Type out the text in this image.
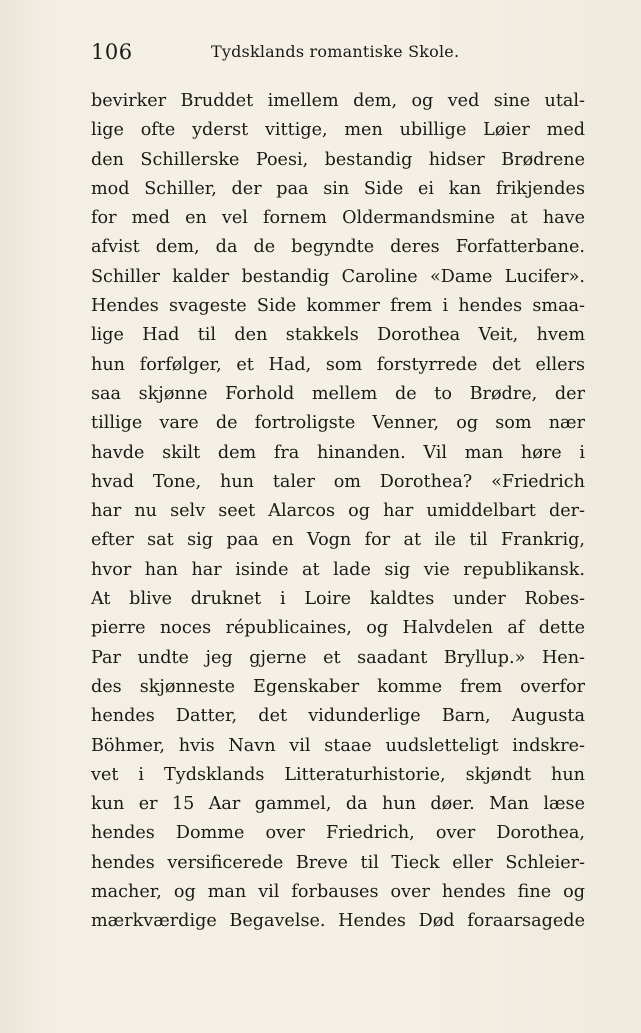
106	Tydsklands romantiske Skole.
bevirker Bruddet imellem dem, og ved sine utal-
lige ofte yderst vittige, men ubillige Løier med
den Schillerske Poesi, bestandig hidser Brødrene
mod Schiller, der paa sin Side ei kan frikjendes
for med en vel fornem Oldermandsmine at have
afvist dem, da de begyndte deres Forfatterbane.
Schiller kalder bestandig Caroline «Dame Lucifer».
Hendes svageste Side kommer frem i hendes smaa-
lige Had til den stakkels Dorothea Veit, hvem
hun forfølger, et Had, som forstyrrede det ellers
saa skjønne Forhold mellem de to Brødre, der
tillige vare de fortroligste Venner, og som nær
havde skilt dem fra hinanden. Vil man høre i
hvad Tone, hun taler om Dorothea? «Friedrich
har nu selv seet Alarcos og har umiddelbart der-
efter sat sig paa en Vogn for at ile til Frankrig,
hvor han har isinde at lade sig vie republikansk.
At blive druknet i Loire kaldtes under Robes-
pierre noces républicaines, og Halvdelen af dette
Par undte jeg gjerne et saadant Bryllup.» Hen-
des skjønneste Egenskaber komme frem overfor
hendes Datter, det vidunderlige Barn, Augusta
Böhmer, hvis Navn vil staae uudsletteligt indskre-
vet i Tydsklands Litteraturhistorie, skjøndt hun
kun er 15 Aar gammel, da hun døer. Man læse
hendes Domme over Friedrich, over Dorothea,
hendes versificerede Breve til Tieck eller Schleier-
macher, og man vil forbauses over hendes fine og
mærkværdige Begavelse. Hendes Død foraarsagede
